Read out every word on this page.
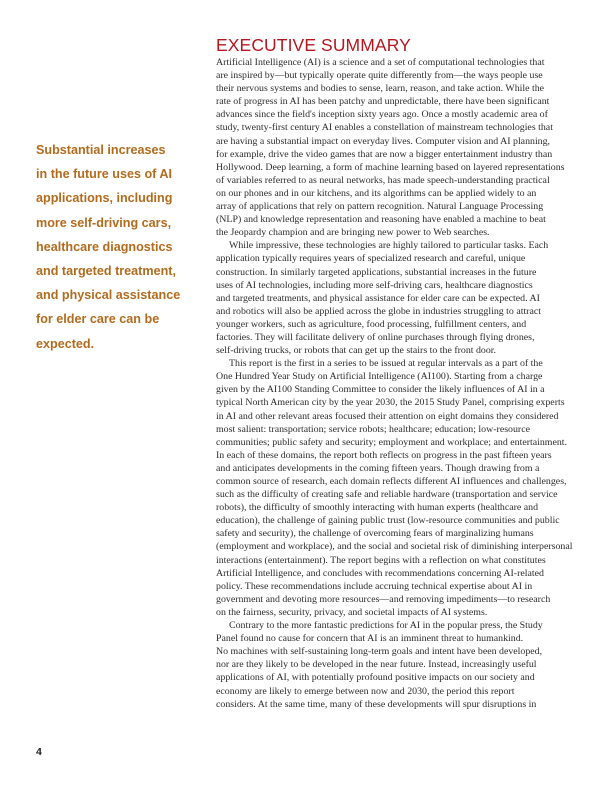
EXECUTIVE SUMMARY
Substantial increases
in the future uses of AI
applications, including
more self-driving cars,
healthcare diagnostics
and targeted treatment,
and physical assistance
for elder care can be
expected.
Artificial Intelligence (AI) is a science and a set of computational technologies that
are inspired by—but typically operate quite differently from—the ways people use
their nervous systems and bodies to sense, learn, reason, and take action. While the
rate of progress in AI has been patchy and unpredictable, there have been significant
advances since the field's inception sixty years ago. Once a mostly academic area of
study, twenty-first century AI enables a constellation of mainstream technologies that
are having a substantial impact on everyday lives. Computer vision and AI planning,
for example, drive the video games that are now a bigger entertainment industry than
Hollywood. Deep learning, a form of machine learning based on layered representations
of variables referred to as neural networks, has made speech-understanding practical
on our phones and in our kitchens, and its algorithms can be applied widely to an
array of applications that rely on pattern recognition. Natural Language Processing
(NLP) and knowledge representation and reasoning have enabled a machine to beat
the Jeopardy champion and are bringing new power to Web searches.
While impressive, these technologies are highly tailored to particular tasks. Each
application typically requires years of specialized research and careful, unique
construction. In similarly targeted applications, substantial increases in the future
uses of AI technologies, including more self-driving cars, healthcare diagnostics
and targeted treatments, and physical assistance for elder care can be expected. AI
and robotics will also be applied across the globe in industries struggling to attract
younger workers, such as agriculture, food processing, fulfillment centers, and
factories. They will facilitate delivery of online purchases through flying drones,
self-driving trucks, or robots that can get up the stairs to the front door.
This report is the first in a series to be issued at regular intervals as a part of the
One Hundred Year Study on Artificial Intelligence (AI100). Starting from a charge
given by the AI100 Standing Committee to consider the likely influences of AI in a
typical North American city by the year 2030, the 2015 Study Panel, comprising experts
in AI and other relevant areas focused their attention on eight domains they considered
most salient: transportation; service robots; healthcare; education; low-resource
communities; public safety and security; employment and workplace; and entertainment.
In each of these domains, the report both reflects on progress in the past fifteen years
and anticipates developments in the coming fifteen years. Though drawing from a
common source of research, each domain reflects different AI influences and challenges,
such as the difficulty of creating safe and reliable hardware (transportation and service
robots), the difficulty of smoothly interacting with human experts (healthcare and
education), the challenge of gaining public trust (low-resource communities and public
safety and security), the challenge of overcoming fears of marginalizing humans
(employment and workplace), and the social and societal risk of diminishing interpersonal
interactions (entertainment). The report begins with a reflection on what constitutes
Artificial Intelligence, and concludes with recommendations concerning AI-related
policy. These recommendations include accruing technical expertise about AI in
government and devoting more resources—and removing impediments—to research
on the fairness, security, privacy, and societal impacts of AI systems.
Contrary to the more fantastic predictions for AI in the popular press, the Study
Panel found no cause for concern that AI is an imminent threat to humankind.
No machines with self-sustaining long-term goals and intent have been developed,
nor are they likely to be developed in the near future. Instead, increasingly useful
applications of AI, with potentially profound positive impacts on our society and
economy are likely to emerge between now and 2030, the period this report
considers. At the same time, many of these developments will spur disruptions in
4
